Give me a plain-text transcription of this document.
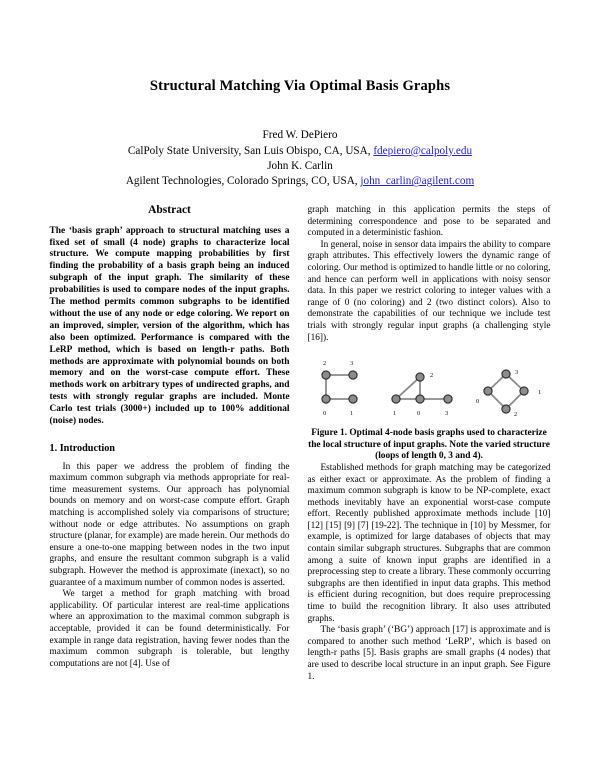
Structural Matching Via Optimal Basis Graphs
Fred W. DePiero
CalPoly State University, San Luis Obispo, CA, USA, fdepiero@calpoly.edu
John K. Carlin
Agilent Technologies, Colorado Springs, CO, USA, john_carlin@agilent.com
Abstract

The ‘basis graph’ approach to structural matching uses a fixed set of small (4 node) graphs to characterize local structure. We compute mapping probabilities by first finding the probability of a basis graph being an induced subgraph of the input graph. The similarity of these probabilities is used to compare nodes of the input graphs. The method permits common subgraphs to be identified without the use of any node or edge coloring. We report on an improved, simpler, version of the algorithm, which has also been optimized. Performance is compared with the LeRP method, which is based on length-r paths. Both methods are approximate with polynomial bounds on both memory and on the worst-case compute effort. These methods work on arbitrary types of undirected graphs, and tests with strongly regular graphs are included. Monte Carlo test trials (3000+) included up to 100% additional (noise) nodes.

1. Introduction

In this paper we address the problem of finding the maximum common subgraph via methods appropriate for real-time measurement systems. Our approach has polynomial bounds on memory and on worst-case compute effort. Graph matching is accomplished solely via comparisons of structure; without node or edge attributes. No assumptions on graph structure (planar, for example) are made herein. Our methods do ensure a one-to-one mapping between nodes in the two input graphs, and ensure the resultant common subgraph is a valid subgraph. However the method is approximate (inexact), so no guarantee of a maximum number of common nodes is asserted.

We target a method for graph matching with broad applicability. Of particular interest are real-time applications where an approximation to the maximal common subgraph is acceptable, provided it can be found deterministically. For example in range data registration, having fewer nodes than the maximum common subgraph is tolerable, but lengthy computations are not [4]. Use of

graph matching in this application permits the steps of determining correspondence and pose to be separated and computed in a deterministic fashion.

In general, noise in sensor data impairs the ability to compare graph attributes. This effectively lowers the dynamic range of coloring. Our method is optimized to handle little or no coloring, and hence can perform well in applications with noisy sensor data. In this paper we restrict coloring to integer values with a range of 0 (no coloring) and 2 (two distinct colors). Also to demonstrate the capabilities of our technique we include test trials with strongly regular input graphs (a challenging style [16]).

2	3
0	1
2
1	0	3
3
0
1
2
Figure 1. Optimal 4-node basis graphs used to characterize the local structure of input graphs. Note the varied structure (loops of length 0, 3 and 4).

Established methods for graph matching may be categorized as either exact or approximate. As the problem of finding a maximum common subgraph is know to be NP-complete, exact methods inevitably have an exponential worst-case compute effort. Recently published approximate methods include [10] [12] [15] [9] [7] [19-22]. The technique in [10] by Messmer, for example, is optimized for large databases of objects that may contain similar subgraph structures. Subgraphs that are common among a suite of known input graphs are identified in a preprocessing step to create a library. These commonly occurring subgraphs are then identified in input data graphs. This method is efficient during recognition, but does require preprocessing time to build the recognition library. It also uses attributed graphs.

The ‘basis graph’ (‘BG’) approach [17] is approximate and is compared to another such method ‘LeRP’, which is based on length-r paths [5]. Basis graphs are small graphs (4 nodes) that are used to describe local structure in an input graph. See Figure 1.
